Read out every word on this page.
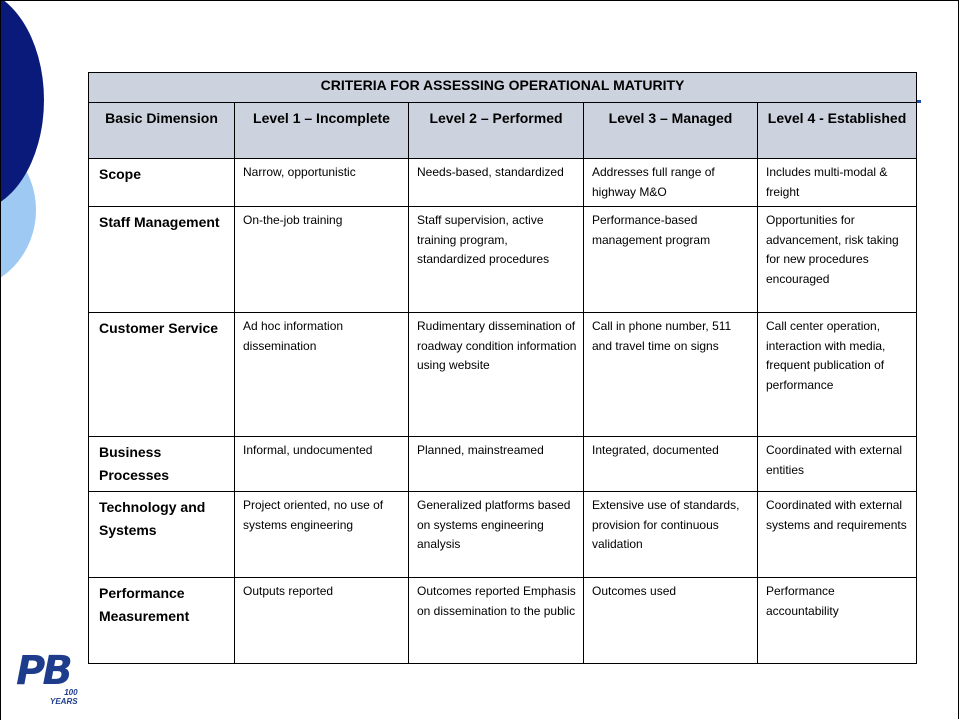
CRITERIA FOR ASSESSING OPERATIONAL MATURITY				
Basic Dimension	Level 1 – Incomplete	Level 2 – Performed	Level 3 – Managed	Level 4 - Established
Scope	Narrow, opportunistic	Needs-based, standardized	Addresses full range of highway M&O	Includes multi-modal & freight
Staff Management	On-the-job training	Staff supervision, active training program, standardized procedures	Performance-based management program	Opportunities for advancement, risk taking for new procedures encouraged
Customer Service	Ad hoc information dissemination	Rudimentary dissemination of roadway condition information using website	Call in phone number, 511 and travel time on signs	Call center operation, interaction with media, frequent publication of performance
Business Processes	Informal, undocumented	Planned, mainstreamed	Integrated, documented	Coordinated with external entities
Technology and Systems	Project oriented, no use of systems engineering	Generalized platforms based on systems engineering analysis	Extensive use of standards, provision for continuous validation	Coordinated with external systems and requirements
Performance Measurement	Outputs reported	Outcomes reported Emphasis on dissemination to the public	Outcomes used	Performance accountability
PB
100
YEARS
